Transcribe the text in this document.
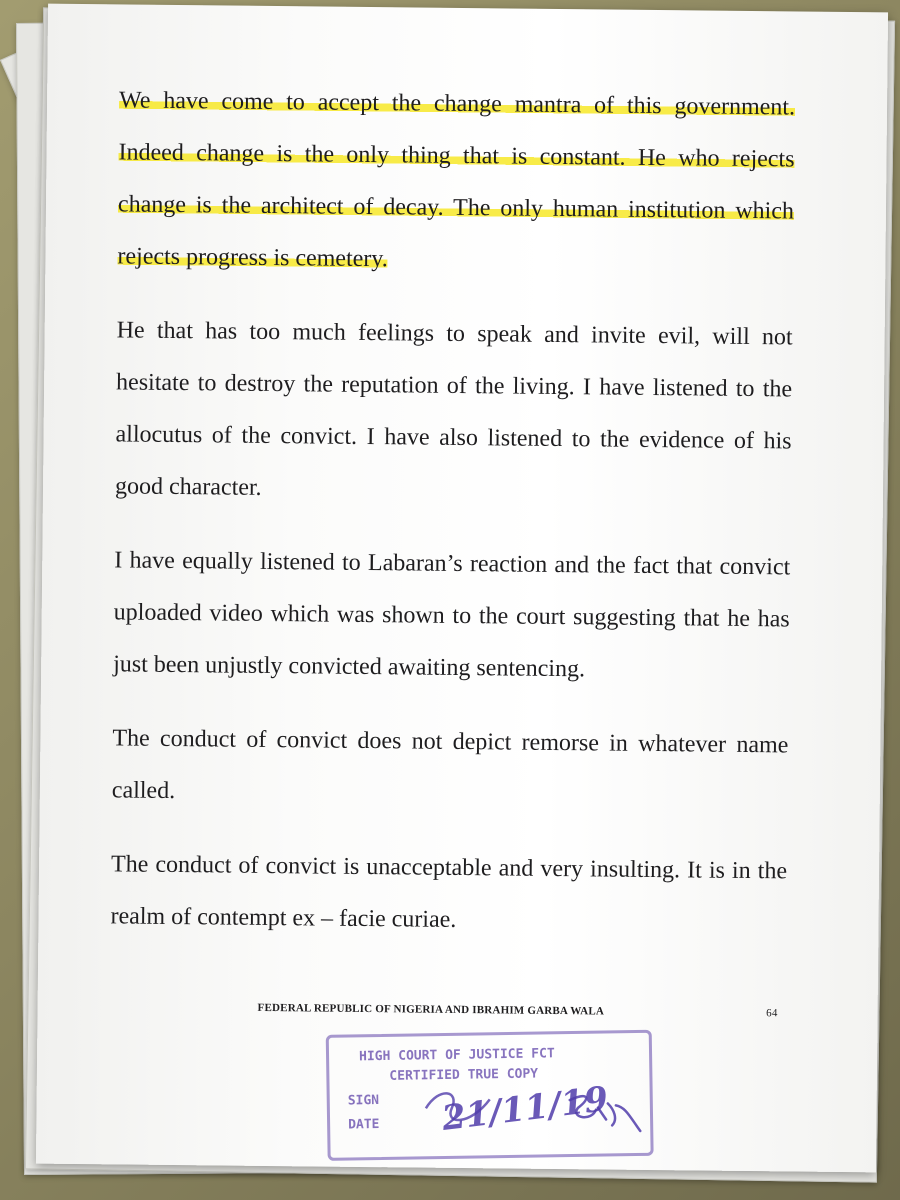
We have come to accept the change mantra of this government. Indeed change is the only thing that is constant. He who rejects change is the architect of decay. The only human institution which rejects progress is cemetery.

He that has too much feelings to speak and invite evil, will not hesitate to destroy the reputation of the living. I have listened to the allocutus of the convict. I have also listened to the evidence of his good character.

I have equally listened to Labaran’s reaction and the fact that convict uploaded video which was shown to the court suggesting that he has just been unjustly convicted awaiting sentencing.

The conduct of convict does not depict remorse in whatever name called.

The conduct of convict is unacceptable and very insulting. It is in the realm of contempt ex – facie curiae.

FEDERAL REPUBLIC OF NIGERIA AND IBRAHIM GARBA WALA	64
HIGH COURT OF JUSTICE FCT
CERTIFIED TRUE COPY
SIGN
DATE 21/11/19
